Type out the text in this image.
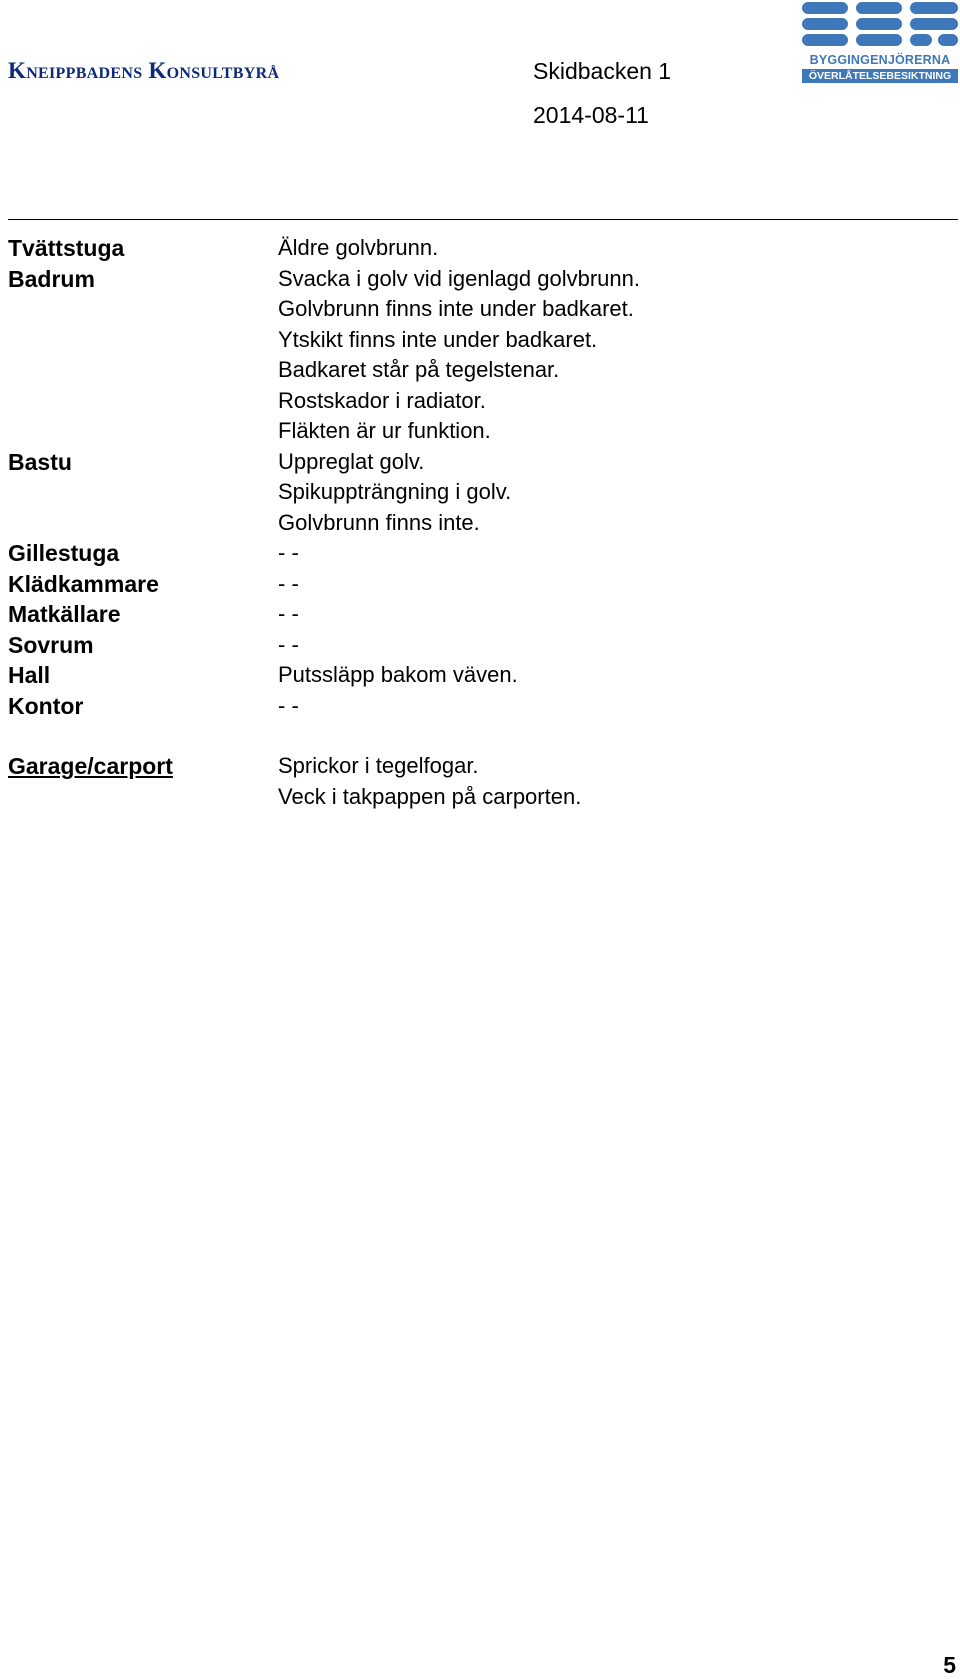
Kneippbadens Konsultbyrå	Skidbacken 1
2014-08-11
BYGGINGENJÖRERNA
ÖVERLÅTELSEBESIKTNING
Tvättstuga	Äldre golvbrunn.
Badrum	Svacka i golv vid igenlagd golvbrunn.
Golvbrunn finns inte under badkaret.
Ytskikt finns inte under badkaret.
Badkaret står på tegelstenar.
Rostskador i radiator.
Fläkten är ur funktion.
Bastu	Uppreglat golv.
Spikuppträngning i golv.
Golvbrunn finns inte.
Gillestuga	- -
Klädkammare	- -
Matkällare	- -
Sovrum	- -
Hall	Putssläpp bakom väven.
Kontor	- -
Garage/carport	Sprickor i tegelfogar.
Veck i takpappen på carporten.
5
